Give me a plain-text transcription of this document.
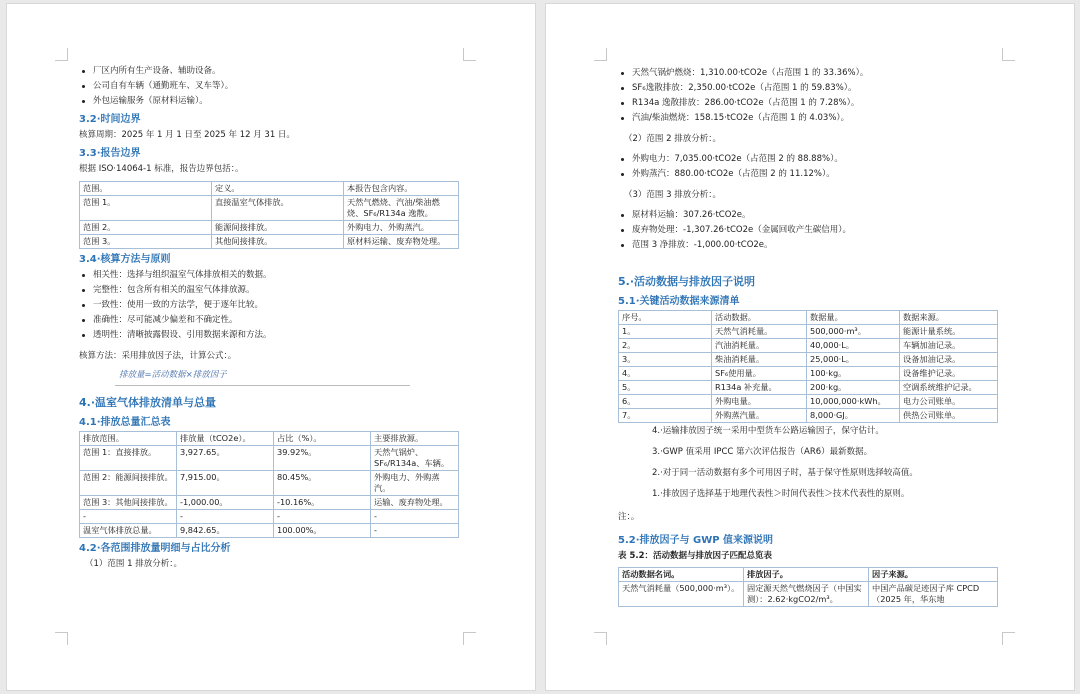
厂区内所有生产设备、辅助设备。
公司自有车辆（通勤班车、叉车等）。
外包运输服务（原材料运输）。
3.2·时间边界
核算周期：2025 年 1 月 1 日至 2025 年 12 月 31 日。
3.3·报告边界
根据 ISO·14064-1 标准，报告边界包括：。
范围。	定义。	本报告包含内容。
范围 1。	直接温室气体排放。	天然气燃烧、汽油/柴油燃烧、SF₆/R134a 逸散。
范围 2。	能源间接排放。	外购电力、外购蒸汽。
范围 3。	其他间接排放。	原材料运输、废弃物处理。
3.4·核算方法与原则
相关性：选择与组织温室气体排放相关的数据。
完整性：包含所有相关的温室气体排放源。
一致性：使用一致的方法学，便于逐年比较。
准确性：尽可能减少偏差和不确定性。
透明性：清晰披露假设、引用数据来源和方法。
核算方法：采用排放因子法，计算公式：。
排放量=活动数据×排放因子
4.·温室气体排放清单与总量
4.1·排放总量汇总表
排放范围。	排放量（tCO2e）。	占比（%）。	主要排放源。
范围 1：直接排放。	3,927.65。	39.92%。	天然气锅炉、SF₆/R134a、车辆。
范围 2：能源间接排放。	7,915.00。	80.45%。	外购电力、外购蒸汽。
范围 3：其他间接排放。	-1,000.00。	-10.16%。	运输、废弃物处理。
-	-	-	-
温室气体排放总量。	9,842.65。	100.00%。	-
4.2·各范围排放量明细与占比分析
（1）范围 1 排放分析：。
天然气锅炉燃烧：1,310.00·tCO2e（占范围 1 的 33.36%）。
SF₆逸散排放：2,350.00·tCO2e（占范围 1 的 59.83%）。
R134a 逸散排放：286.00·tCO2e（占范围 1 的 7.28%）。
汽油/柴油燃烧：158.15·tCO2e（占范围 1 的 4.03%）。
（2）范围 2 排放分析：。
外购电力：7,035.00·tCO2e（占范围 2 的 88.88%）。
外购蒸汽：880.00·tCO2e（占范围 2 的 11.12%）。
（3）范围 3 排放分析：。
原材料运输：307.26·tCO2e。
废弃物处理：-1,307.26·tCO2e（金属回收产生碳信用）。
范围 3 净排放：-1,000.00·tCO2e。
5.·活动数据与排放因子说明
5.1·关键活动数据来源清单
序号。	活动数据。	数据量。	数据来源。
1。	天然气消耗量。	500,000·m³。	能源计量系统。
2。	汽油消耗量。	40,000·L。	车辆加油记录。
3。	柴油消耗量。	25,000·L。	设备加油记录。
4。	SF₆使用量。	100·kg。	设备维护记录。
5。	R134a 补充量。	200·kg。	空调系统维护记录。
6。	外购电量。	10,000,000·kWh。	电力公司账单。
7。	外购蒸汽量。	8,000·GJ。	供热公司账单。
4.·运输排放因子统一采用中型货车公路运输因子，保守估计。
3.·GWP 值采用 IPCC 第六次评估报告（AR6）最新数据。
2.·对于同一活动数据有多个可用因子时，基于保守性原则选择较高值。
1.·排放因子选择基于地理代表性＞时间代表性＞技术代表性的原则。
注：。
5.2·排放因子与 GWP 值来源说明
表 5.2：活动数据与排放因子匹配总览表
活动数据名词。	排放因子。	因子来源。
天然气消耗量（500,000·m³）。	固定源天然气燃烧因子（中国实测）：2.62·kgCO2/m³。	中国产品碳足迹因子库 CPCD（2025 年，华东地
